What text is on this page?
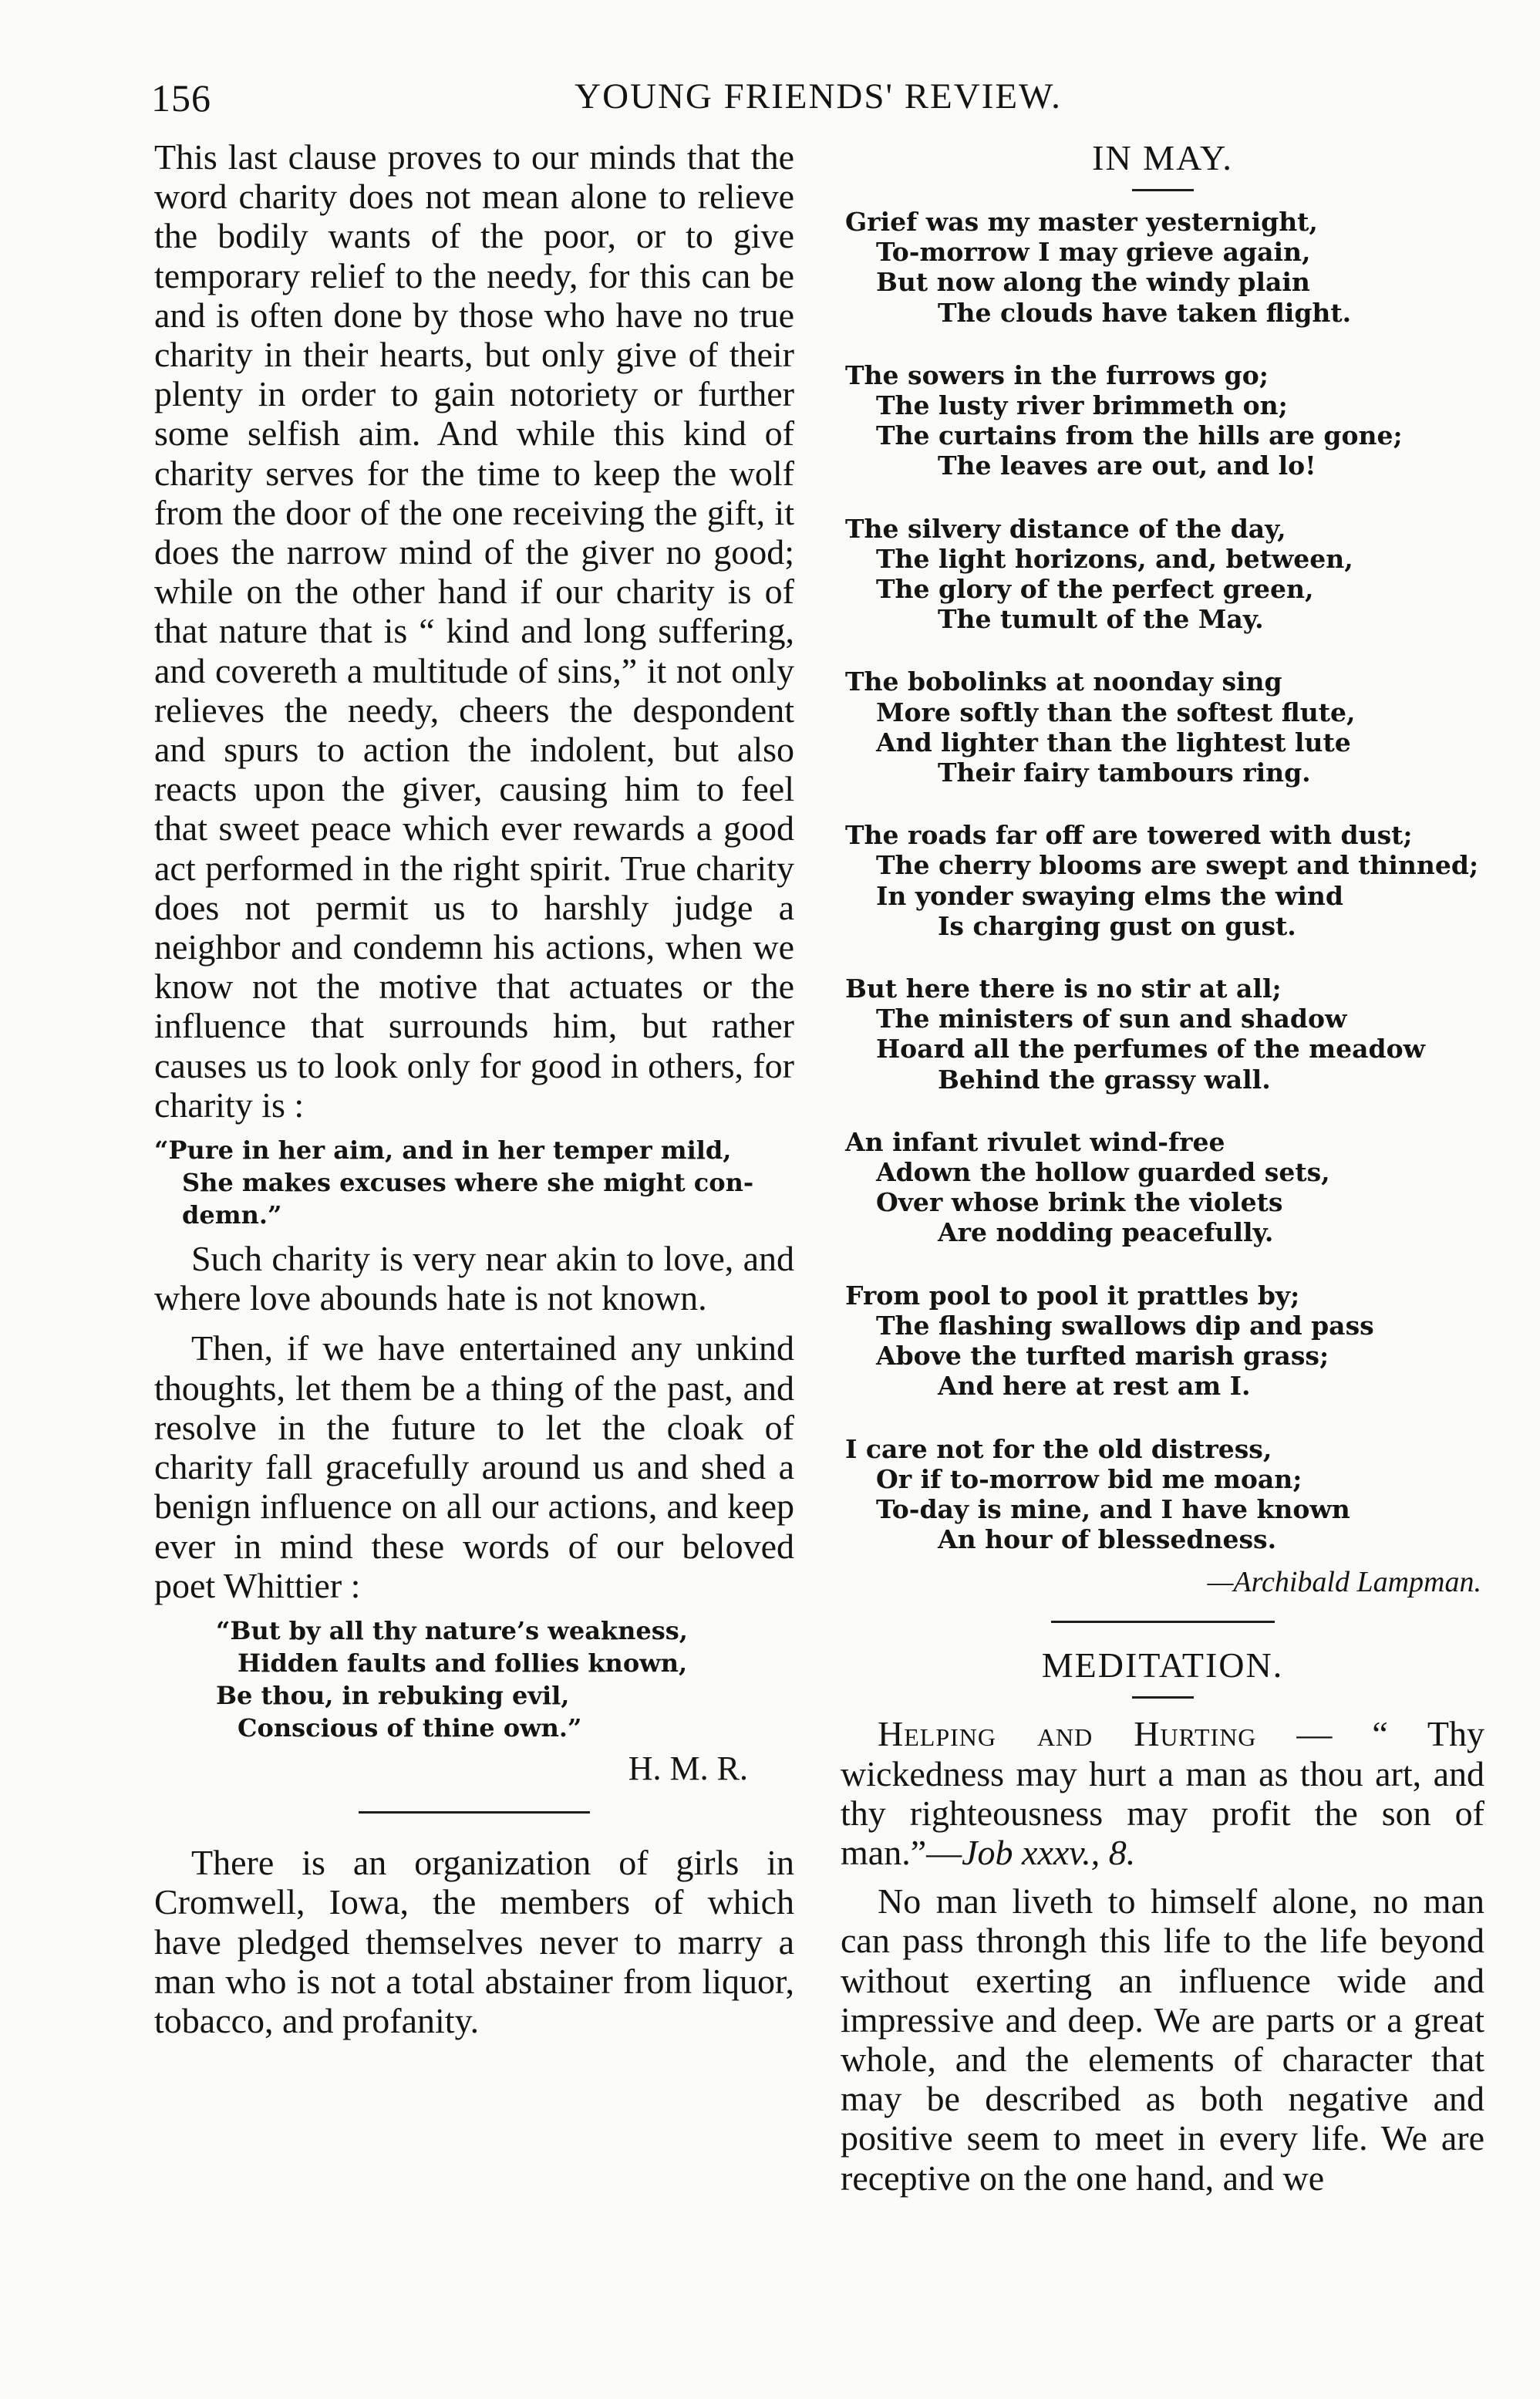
156	YOUNG FRIENDS' REVIEW.

This last clause proves to our minds that the word charity does not mean alone to relieve the bodily wants of the poor, or to give temporary relief to the needy, for this can be and is often done by those who have no true charity in their hearts, but only give of their plenty in order to gain notoriety or further some selfish aim. And while this kind of charity serves for the time to keep the wolf from the door of the one receiving the gift, it does the narrow mind of the giver no good; while on the other hand if our charity is of that nature that is “ kind and long suffering, and covereth a multitude of sins,” it not only relieves the needy, cheers the despondent and spurs to action the indolent, but also reacts upon the giver, causing him to feel that sweet peace which ever rewards a good act performed in the right spirit. True charity does not permit us to harshly judge a neighbor and condemn his actions, when we know not the motive that actuates or the influence that surrounds him, but rather causes us to look only for good in others, for charity is :

“Pure in her aim, and in her temper mild,
She makes excuses where she might con-
demn.”

Such charity is very near akin to love, and where love abounds hate is not known.

Then, if we have entertained any unkind thoughts, let them be a thing of the past, and resolve in the future to let the cloak of charity fall gracefully around us and shed a benign influence on all our actions, and keep ever in mind these words of our beloved poet Whittier :

“But by all thy nature’s weakness,
Hidden faults and follies known,
Be thou, in rebuking evil,
Conscious of thine own.”
H. M. R.

There is an organization of girls in Cromwell, Iowa, the members of which have pledged themselves never to marry a man who is not a total abstainer from liquor, tobacco, and profanity.

IN MAY.
Grief was my master yesternight,
To-morrow I may grieve again,
But now along the windy plain
The clouds have taken flight.
The sowers in the furrows go;
The lusty river brimmeth on;
The curtains from the hills are gone;
The leaves are out, and lo!
The silvery distance of the day,
The light horizons, and, between,
The glory of the perfect green,
The tumult of the May.
The bobolinks at noonday sing
More softly than the softest flute,
And lighter than the lightest lute
Their fairy tambours ring.
The roads far off are towered with dust;
The cherry blooms are swept and thinned;
In yonder swaying elms the wind
Is charging gust on gust.
But here there is no stir at all;
The ministers of sun and shadow
Hoard all the perfumes of the meadow
Behind the grassy wall.
An infant rivulet wind-free
Adown the hollow guarded sets,
Over whose brink the violets
Are nodding peacefully.
From pool to pool it prattles by;
The flashing swallows dip and pass
Above the turfted marish grass;
And here at rest am I.
I care not for the old distress,
Or if to-morrow bid me moan;
To-day is mine, and I have known
An hour of blessedness.
—Archibald Lampman.
MEDITATION.

Helping and Hurting — “ Thy wickedness may hurt a man as thou art, and thy righteousness may profit the son of man.”—Job xxxv., 8.

No man liveth to himself alone, no man can pass throngh this life to the life beyond without exerting an influence wide and impressive and deep. We are parts or a great whole, and the elements of character that may be described as both negative and positive seem to meet in every life. We are receptive on the one hand, and we
